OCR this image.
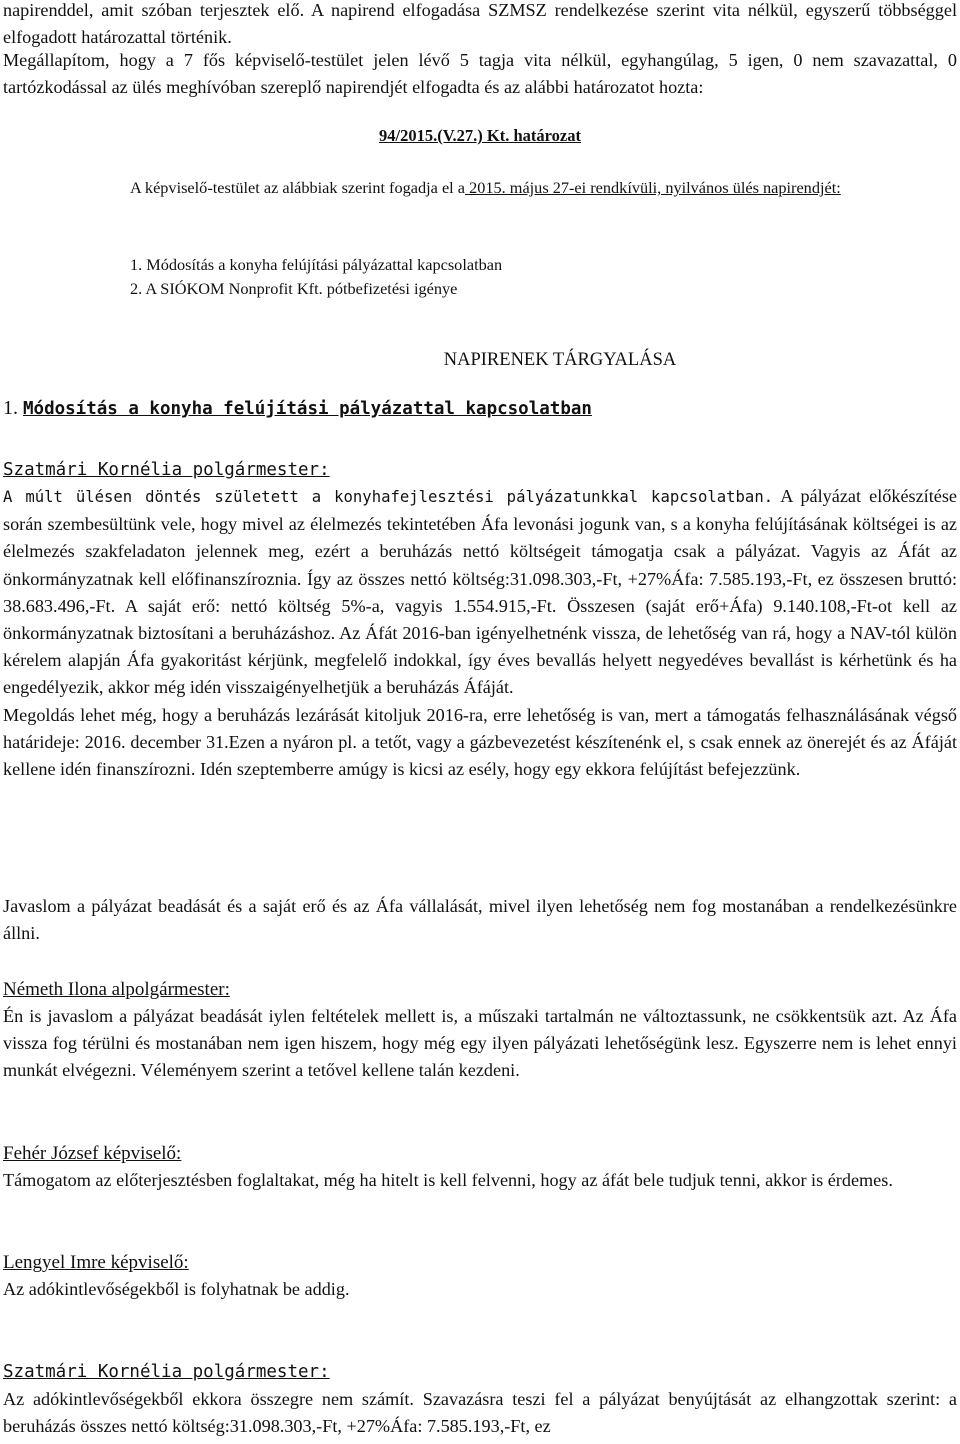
napirenddel, amit szóban terjesztek elő. A napirend elfogadása SZMSZ rendelkezése szerint vita nélkül, egyszerű többséggel elfogadott határozattal történik.

Megállapítom, hogy a 7 fős képviselő-testület jelen lévő 5 tagja vita nélkül, egyhangúlag, 5 igen, 0 nem szavazattal, 0 tartózkodással az ülés meghívóban szereplő napirendjét elfogadta és az alábbi határozatot hozta:

94/2015.(V.27.) Kt. határozat

A képviselő-testület az alábbiak szerint fogadja el a 2015. május 27-ei rendkívüli, nyilvános ülés napirendjét:

1. Módosítás a konyha felújítási pályázattal kapcsolatban

2. A SIÓKOM Nonprofit Kft. pótbefizetési igénye

NAPIRENEK TÁRGYALÁSA
1. Módosítás a konyha felújítási pályázattal kapcsolatban

Szatmári Kornélia polgármester:

A múlt ülésen döntés született a konyhafejlesztési pályázatunkkal kapcsolatban. A pályázat előkészítése során szembesültünk vele, hogy mivel az élelmezés tekintetében Áfa levonási jogunk van, s a konyha felújításának költségei is az élelmezés szakfeladaton jelennek meg, ezért a beruházás nettó költségeit támogatja csak a pályázat. Vagyis az Áfát az önkormányzatnak kell előfinanszíroznia. Így az összes nettó költség:31.098.303,-Ft, +27%Áfa: 7.585.193,-Ft, ez összesen bruttó: 38.683.496,-Ft. A saját erő: nettó költség 5%-a, vagyis 1.554.915,-Ft. Összesen (saját erő+Áfa) 9.140.108,-Ft-ot kell az önkormányzatnak biztosítani a beruházáshoz. Az Áfát 2016-ban igényelhetnénk vissza, de lehetőség van rá, hogy a NAV-tól külön kérelem alapján Áfa gyakoritást kérjünk, megfelelő indokkal, így éves bevallás helyett negyedéves bevallást is kérhetünk és ha engedélyezik, akkor még idén visszaigényelhetjük a beruházás Áfáját.

Megoldás lehet még, hogy a beruházás lezárását kitoljuk 2016-ra, erre lehetőség is van, mert a támogatás felhasználásának végső határideje: 2016. december 31.Ezen a nyáron pl. a tetőt, vagy a gázbevezetést készítenénk el, s csak ennek az önerejét és az Áfáját kellene idén finanszírozni. Idén szeptemberre amúgy is kicsi az esély, hogy egy ekkora felújítást befejezzünk.

Javaslom a pályázat beadását és a saját erő és az Áfa vállalását, mivel ilyen lehetőség nem fog mostanában a rendelkezésünkre állni.

Németh Ilona alpolgármester:

Én is javaslom a pályázat beadását iylen feltételek mellett is, a műszaki tartalmán ne változtassunk, ne csökkentsük azt. Az Áfa vissza fog térülni és mostanában nem igen hiszem, hogy még egy ilyen pályázati lehetőségünk lesz. Egyszerre nem is lehet ennyi munkát elvégezni. Véleményem szerint a tetővel kellene talán kezdeni.

Fehér József képviselő:

Támogatom az előterjesztésben foglaltakat, még ha hitelt is kell felvenni, hogy az áfát bele tudjuk tenni, akkor is érdemes.

Lengyel Imre képviselő:

Az adókintlevőségekből is folyhatnak be addig.

Szatmári Kornélia polgármester:

Az adókintlevőségekből ekkora összegre nem számít. Szavazásra teszi fel a pályázat benyújtását az elhangzottak szerint: a beruházás összes nettó költség:31.098.303,-Ft, +27%Áfa: 7.585.193,-Ft, ez
